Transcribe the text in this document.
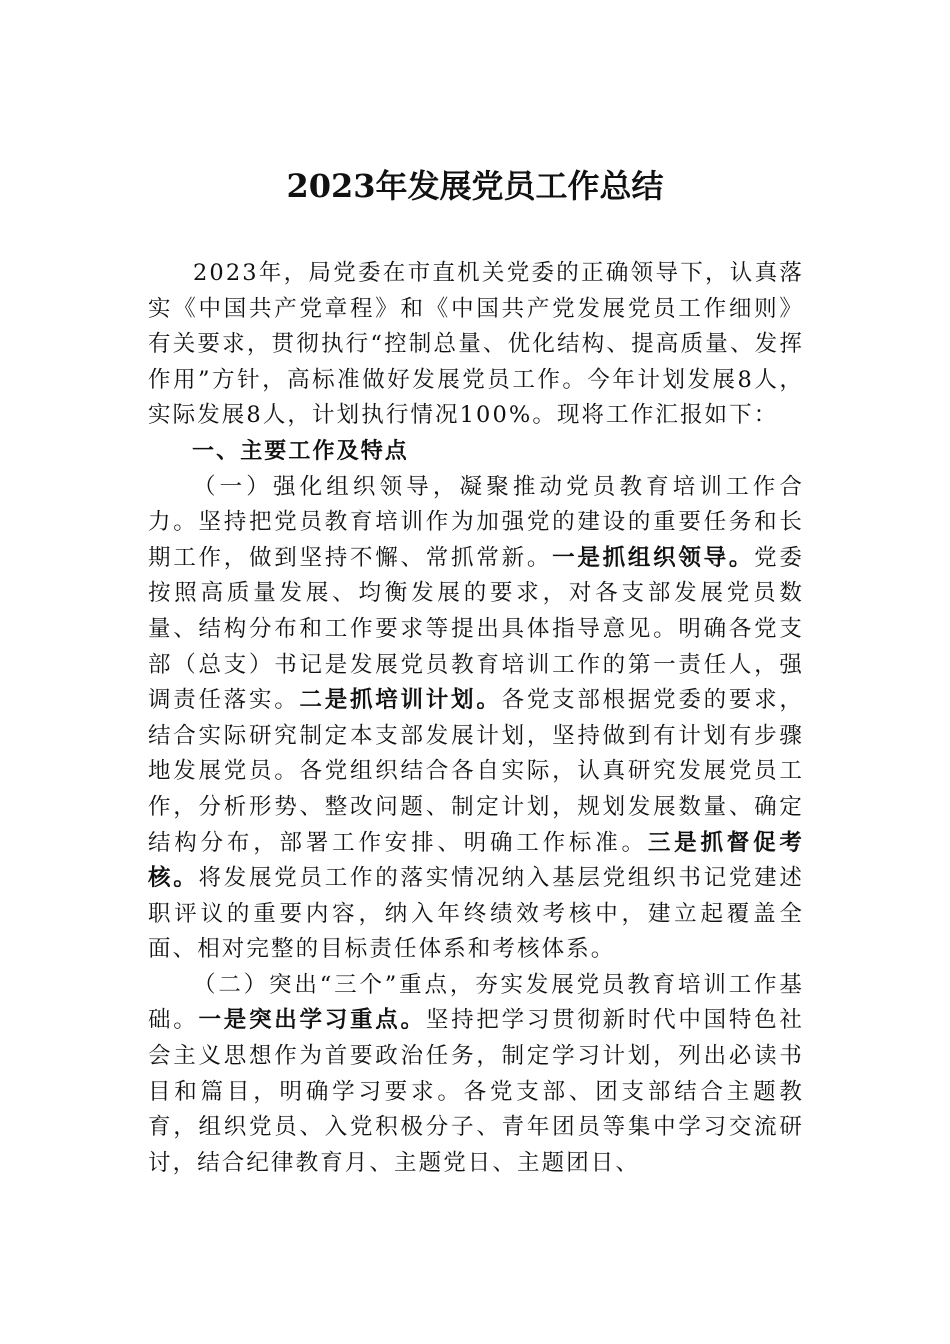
2023年发展党员工作总结

2023年，局党委在市直机关党委的正确领导下，认真落实《中国共产党章程》和《中国共产党发展党员工作细则》有关要求，贯彻执行“控制总量、优化结构、提高质量、发挥作用”方针，高标准做好发展党员工作。今年计划发展8人，实际发展8人，计划执行情况100%。现将工作汇报如下：

一、主要工作及特点

（一）强化组织领导，凝聚推动党员教育培训工作合力。坚持把党员教育培训作为加强党的建设的重要任务和长期工作，做到坚持不懈、常抓常新。一是抓组织领导。党委按照高质量发展、均衡发展的要求，对各支部发展党员数量、结构分布和工作要求等提出具体指导意见。明确各党支部（总支）书记是发展党员教育培训工作的第一责任人，强调责任落实。二是抓培训计划。各党支部根据党委的要求，结合实际研究制定本支部发展计划，坚持做到有计划有步骤地发展党员。各党组织结合各自实际，认真研究发展党员工作，分析形势、整改问题、制定计划，规划发展数量、确定结构分布，部署工作安排、明确工作标准。三是抓督促考核。将发展党员工作的落实情况纳入基层党组织书记党建述职评议的重要内容，纳入年终绩效考核中，建立起覆盖全面、相对完整的目标责任体系和考核体系。

（二）突出“三个”重点，夯实发展党员教育培训工作基础。一是突出学习重点。坚持把学习贯彻新时代中国特色社会主义思想作为首要政治任务，制定学习计划，列出必读书目和篇目，明确学习要求。各党支部、团支部结合主题教育，组织党员、入党积极分子、青年团员等集中学习交流研讨，结合纪律教育月、主题党日、主题团日、
